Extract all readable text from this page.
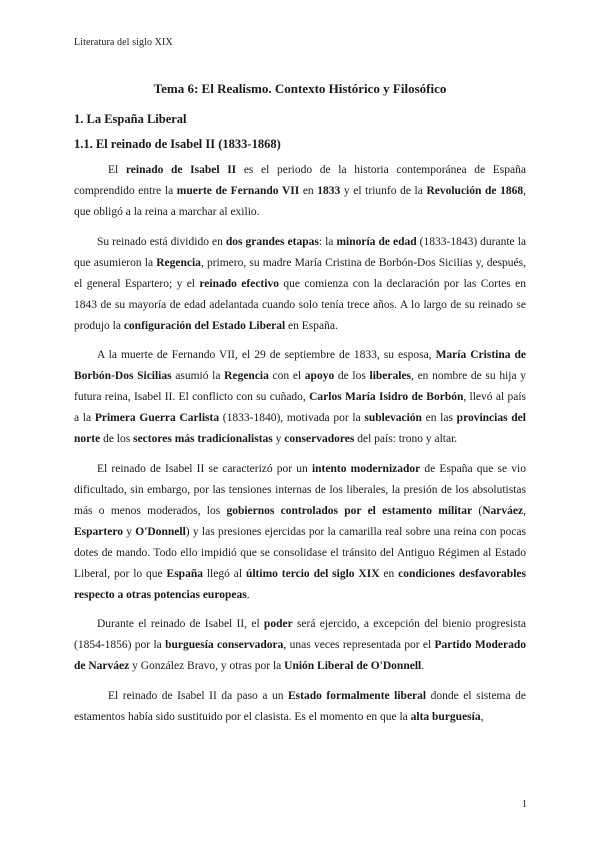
Literatura del siglo XIX
Tema 6: El Realismo. Contexto Histórico y Filosófico
1. La España Liberal
1.1. El reinado de Isabel II (1833-1868)

El reinado de Isabel II es el periodo de la historia contemporánea de España comprendido entre la muerte de Fernando VII en 1833 y el triunfo de la Revolución de 1868, que obligó a la reina a marchar al exilio.

Su reinado está dividido en dos grandes etapas: la minoría de edad (1833-1843) durante la que asumieron la Regencia, primero, su madre María Cristina de Borbón-Dos Sicilias y, después, el general Espartero; y el reinado efectivo que comienza con la declaración por las Cortes en 1843 de su mayoría de edad adelantada cuando solo tenía trece años. A lo largo de su reinado se produjo la configuración del Estado Liberal en España.

A la muerte de Fernando VII, el 29 de septiembre de 1833, su esposa, María Cristina de Borbón-Dos Sicilias asumió la Regencia con el apoyo de los liberales, en nombre de su hija y futura reina, Isabel II. El conflicto con su cuñado, Carlos María Isidro de Borbón, llevó al país a la Primera Guerra Carlista (1833-1840), motivada por la sublevación en las provincias del norte de los sectores más tradicionalistas y conservadores del país: trono y altar.

El reinado de Isabel II se caracterizó por un intento modernizador de España que se vio dificultado, sin embargo, por las tensiones internas de los liberales, la presión de los absolutistas más o menos moderados, los gobiernos controlados por el estamento militar (Narváez, Espartero y O'Donnell) y las presiones ejercidas por la camarilla real sobre una reina con pocas dotes de mando. Todo ello impidió que se consolidase el tránsito del Antiguo Régimen al Estado Liberal, por lo que España llegó al último tercio del siglo XIX en condiciones desfavorables respecto a otras potencias europeas.

Durante el reinado de Isabel II, el poder será ejercido, a excepción del bienio progresista (1854-1856) por la burguesía conservadora, unas veces representada por el Partido Moderado de Narváez y González Bravo, y otras por la Unión Liberal de O'Donnell.

El reinado de Isabel II da paso a un Estado formalmente liberal donde el sistema de estamentos había sido sustituido por el clasista. Es el momento en que la alta burguesía,

1
